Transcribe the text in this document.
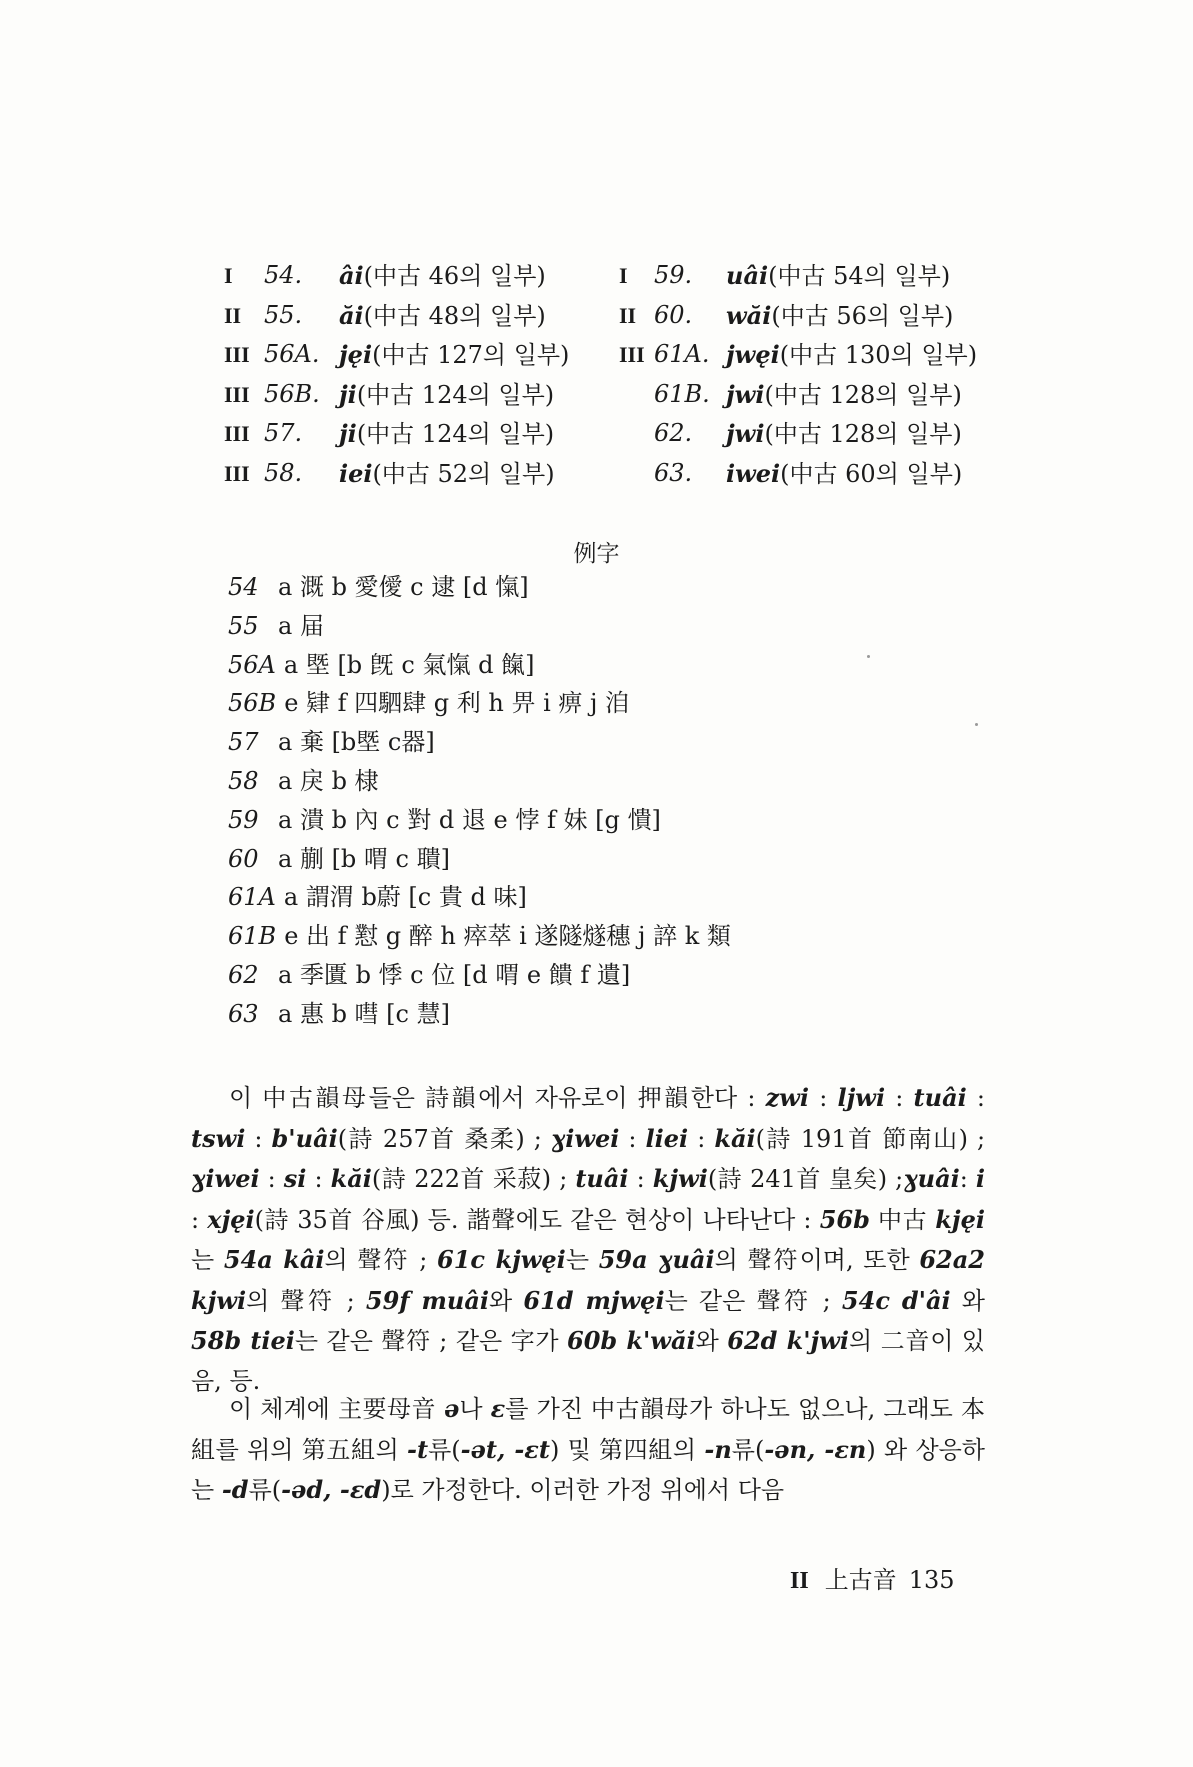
I 54. âi(中古 46의 일부)	I 59. uâi(中古 54의 일부)
II 55. ăi(中古 48의 일부)	II 60. wăi(中古 56의 일부)
III 56A. jęi(中古 127의 일부) III 61A. jwęi(中古 130의 일부)
III 56B. ji(中古 124의 일부)	61B. jwi(中古 128의 일부)
III 57. ji(中古 124의 일부)	62. jwi(中古 128의 일부)
III 58. iei(中古 52의 일부)	63. iwei(中古 60의 일부)
例字
54 a 溉 b 愛僾 c 逮 [d 愾]
55 a 届
56A a 塈 [b 旣 c 氣愾 d 餼]
56B e 肄 f 四駟肆 g 利 h 畀 i 痹 j 洎
57 a 棄 [b塈 c器]
58 a 戾 b 棣
59 a 潰 b 內 c 對 d 退 e 悖 f 妹 [g 憒]
60 a 蒯 [b 喟 c 聵]
61A a 謂渭 b蔚 [c 貴 d 味]
61B e 出 f 懟 g 醉 h 瘁萃 i 遂隧燧穗 j 誶 k 類
62 a 季匱 b 悸 c 位 [d 喟 e 饋 f 遺]
63 a 惠 b 嘒 [c 慧]
이 中古韻母들은 詩韻에서 자유로이 押韻한다 : zwi : ljwi : tuâi : tswi : b'uâi(詩 257首 桑柔) ; ɣiwei : liei : kăi(詩 191首 節南山) ; ɣiwei : si : kăi(詩 222首 采菽) ; tuâi : kjwi(詩 241首 皇矣) ;ɣuâi: i : xjęi(詩 35首 谷風) 등. 諧聲에도 같은 현상이 나타난다 : 56b 中古 kjęi는 54a kâi의 聲符 ; 61c kjwęi는 59a ɣuâi의 聲符이며, 또한 62a2 kjwi의 聲符 ; 59f muâi와 61d mjwęi는 같은 聲符 ; 54c d'âi 와 58b tiei는 같은 聲符 ; 같은 字가 60b k'wăi와 62d k'jwi의 二音이 있음, 등.
이 체계에 主要母音 ə나 ɛ를 가진 中古韻母가 하나도 없으나, 그래도 本組를 위의 第五組의 -t류(-ət, -ɛt) 및 第四組의 -n류(-ən, -ɛn) 와 상응하는 -d류(-əd, -ɛd)로 가정한다. 이러한 가정 위에서 다음
II 上古音 135
